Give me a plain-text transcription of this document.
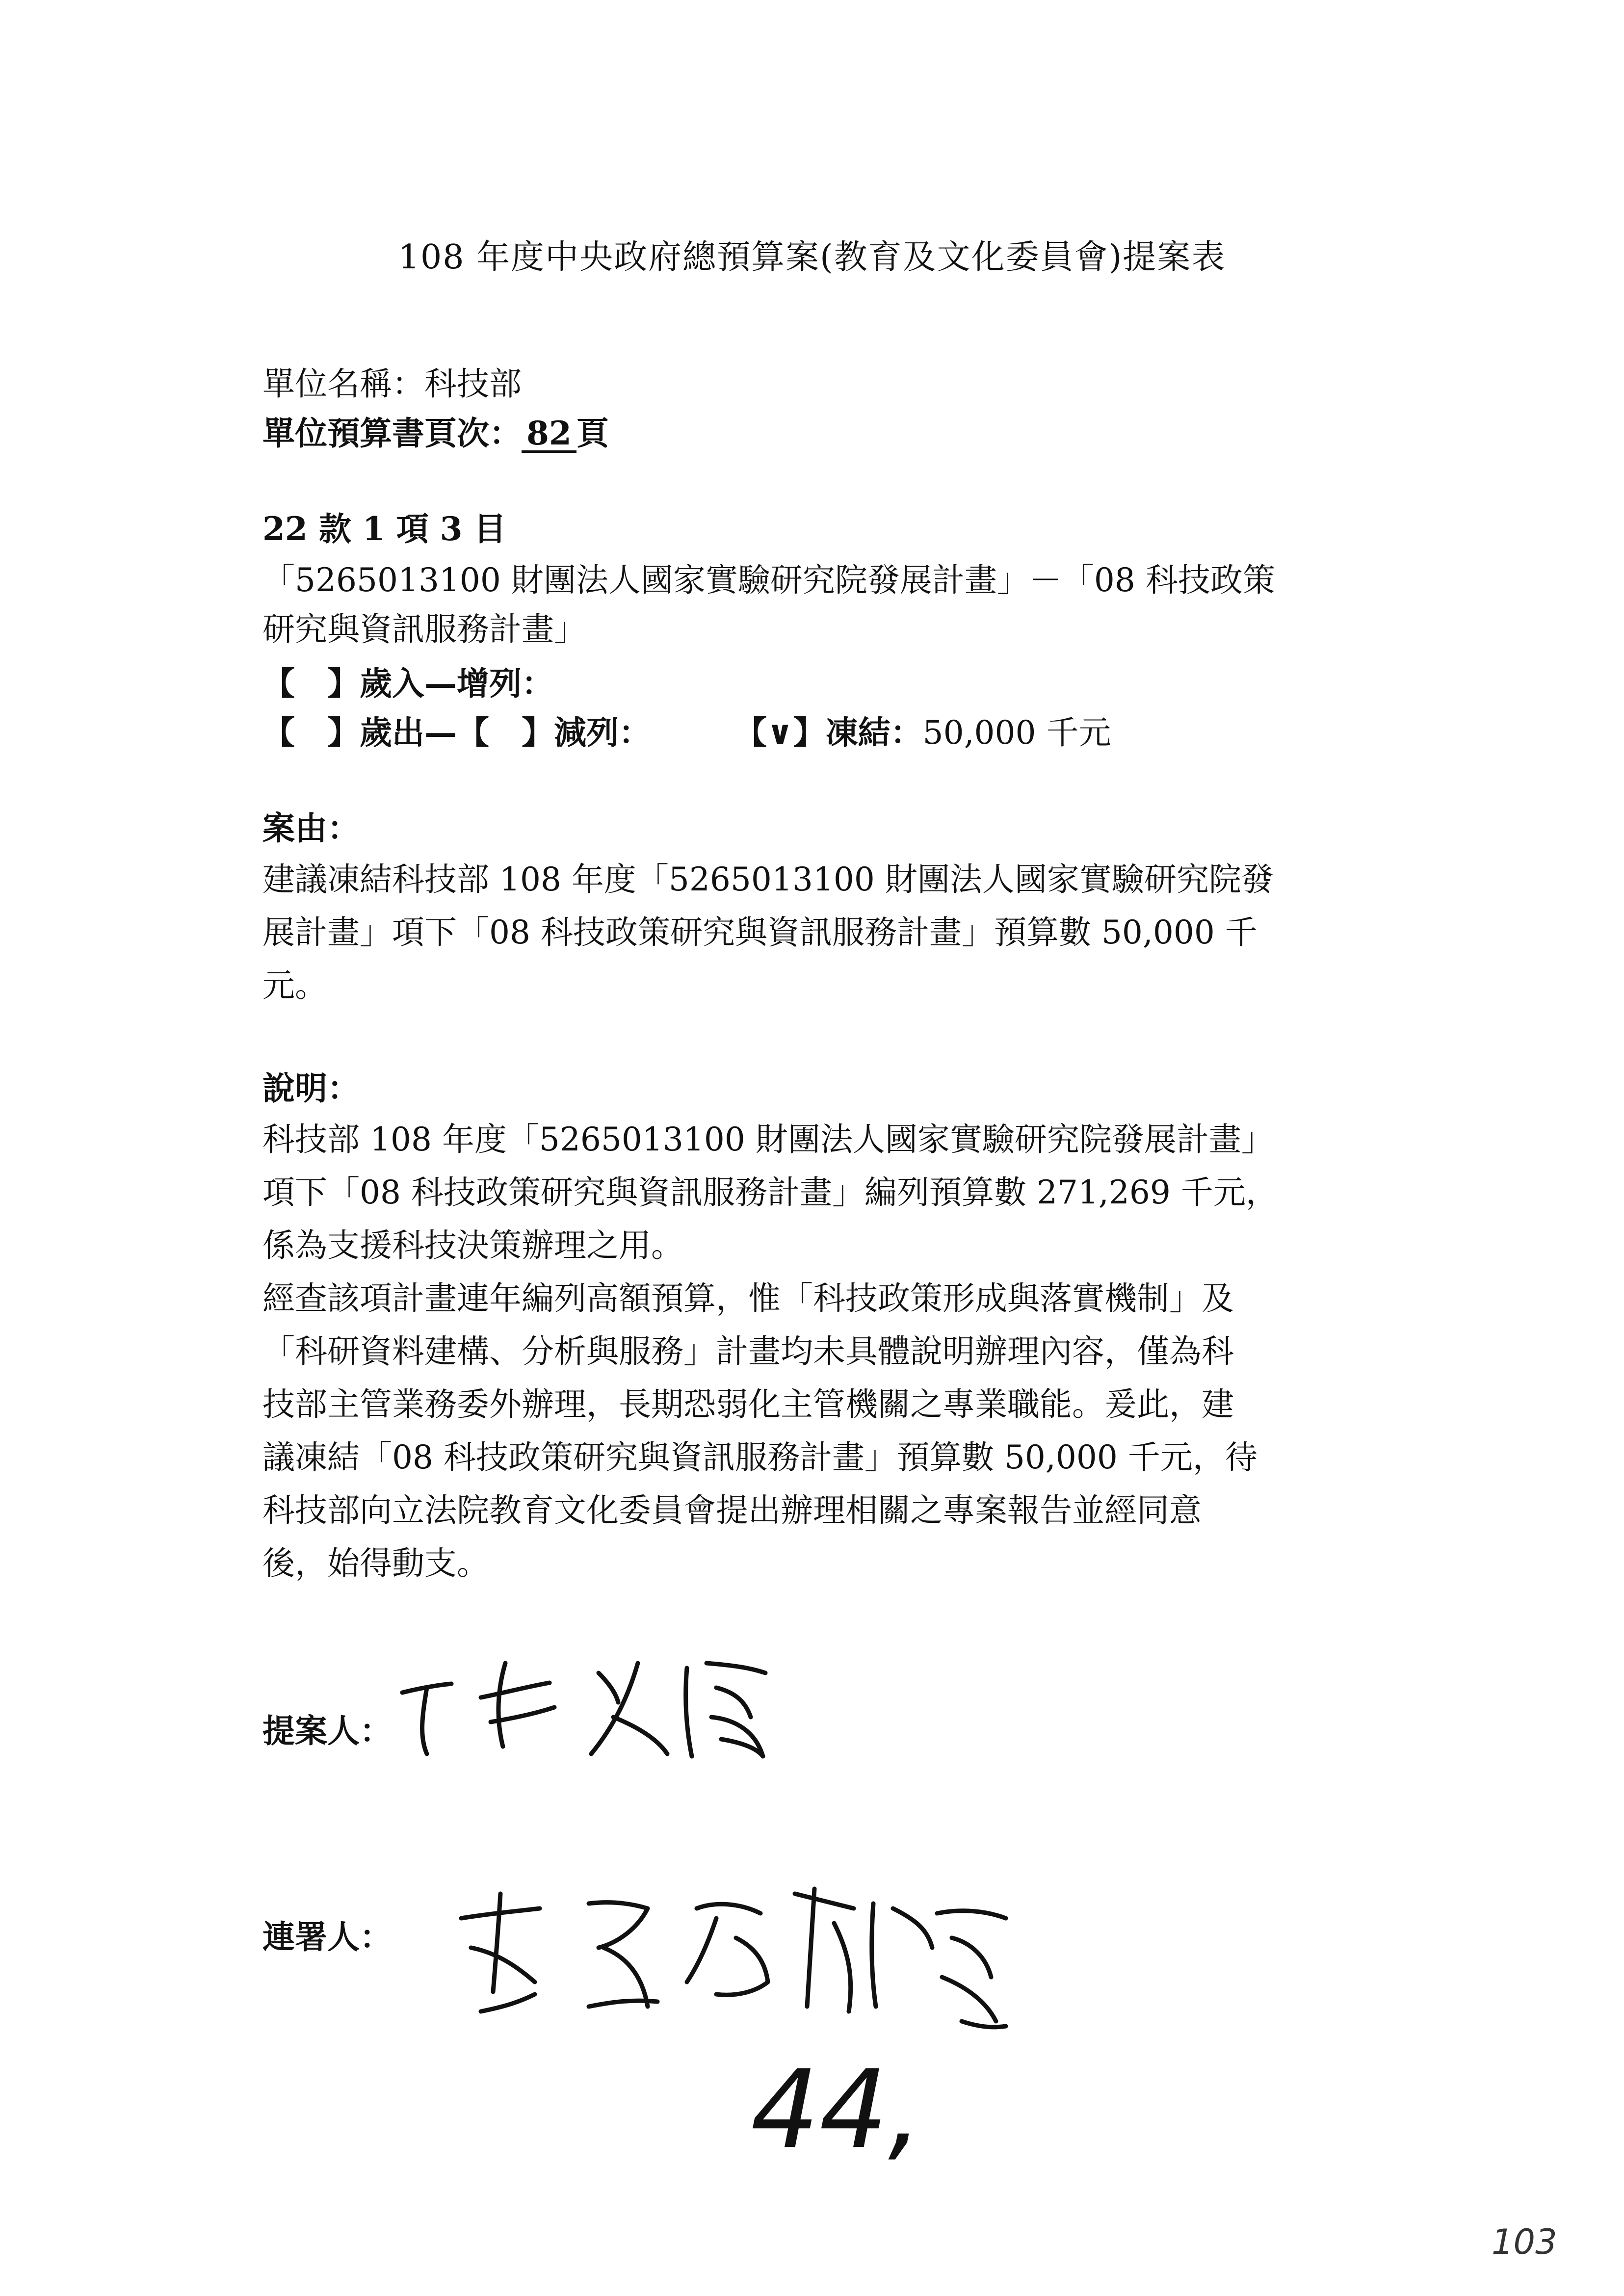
108 年度中央政府總預算案(教育及文化委員會)提案表
單位名稱：科技部
單位預算書頁次： 82 頁
22 款 1 項 3 目
「5265013100 財團法人國家實驗研究院發展計畫」－「08 科技政策
研究與資訊服務計畫」
【　】歲入—增列：
【　】歲出—【　】減列：	【∨】凍結：50,000 千元
案由：
建議凍結科技部 108 年度「5265013100 財團法人國家實驗研究院發
展計畫」項下「08 科技政策研究與資訊服務計畫」預算數 50,000 千
元。
說明：
科技部 108 年度「5265013100 財團法人國家實驗研究院發展計畫」
項下「08 科技政策研究與資訊服務計畫」編列預算數 271,269 千元，
係為支援科技決策辦理之用。
經查該項計畫連年編列高額預算，惟「科技政策形成與落實機制」及
「科研資料建構、分析與服務」計畫均未具體說明辦理內容，僅為科
技部主管業務委外辦理，長期恐弱化主管機關之專業職能。爰此，建
議凍結「08 科技政策研究與資訊服務計畫」預算數 50,000 千元，待
科技部向立法院教育文化委員會提出辦理相關之專案報告並經同意
後，始得動支。
提案人：
連署人：
44,
103
